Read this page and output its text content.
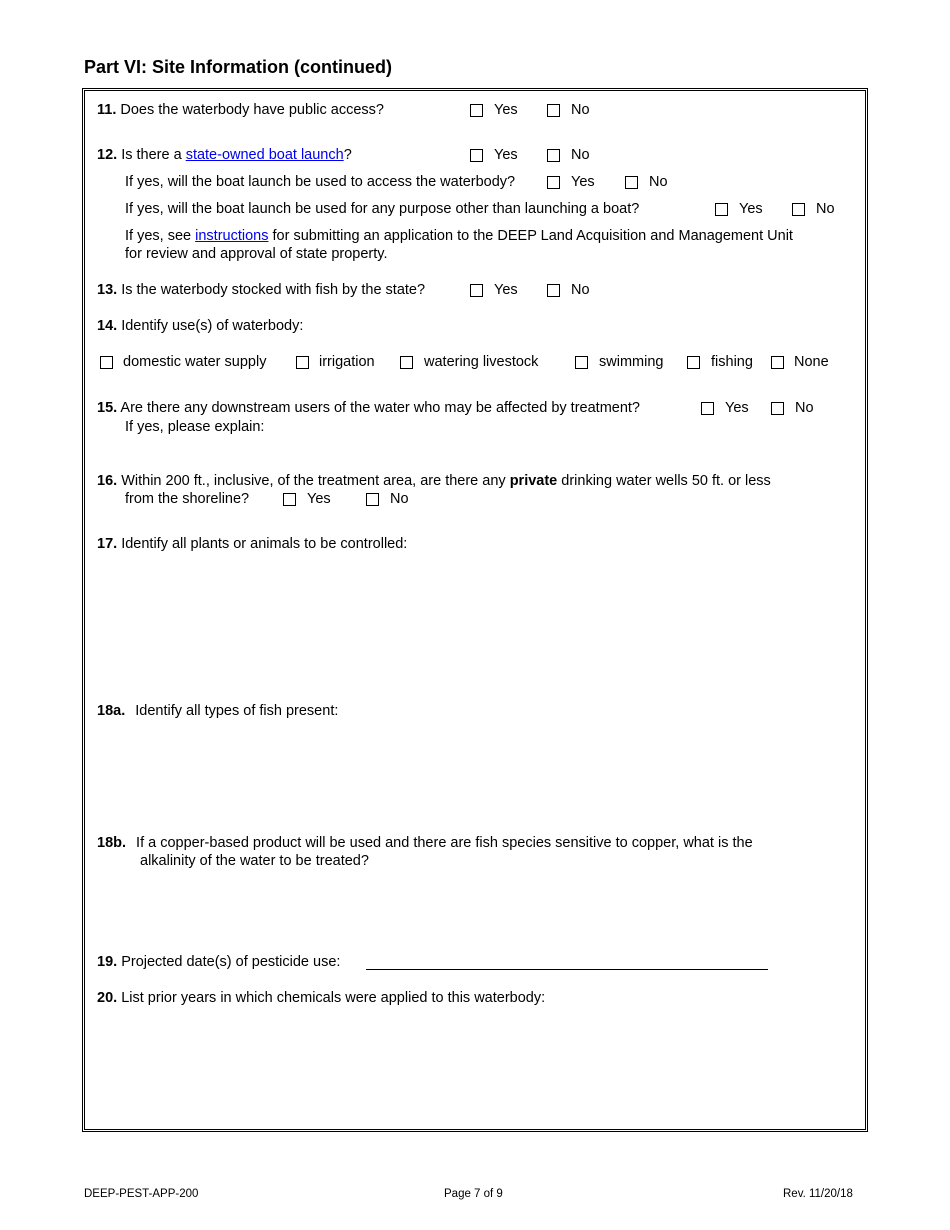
Part VI: Site Information (continued)
11. Does the waterbody have public access?	Yes	No
12. Is there a state-owned boat launch?	Yes	No
If yes, will the boat launch be used to access the waterbody?	Yes	No
If yes, will the boat launch be used for any purpose other than launching a boat?	Yes	No
If yes, see instructions for submitting an application to the DEEP Land Acquisition and Management Unit
for review and approval of state property.
13. Is the waterbody stocked with fish by the state?	Yes	No
14. Identify use(s) of waterbody:
domestic water supply	irrigation	watering livestock	swimming	fishing	None
15. Are there any downstream users of the water who may be affected by treatment?	Yes	No
If yes, please explain:
16. Within 200 ft., inclusive, of the treatment area, are there any private drinking water wells 50 ft. or less
from the shoreline?	Yes	No
17. Identify all plants or animals to be controlled:
18a. Identify all types of fish present:
18b. If a copper-based product will be used and there are fish species sensitive to copper, what is the
alkalinity of the water to be treated?
19. Projected date(s) of pesticide use:
20. List prior years in which chemicals were applied to this waterbody:
DEEP-PEST-APP-200	Page 7 of 9	Rev. 11/20/18
